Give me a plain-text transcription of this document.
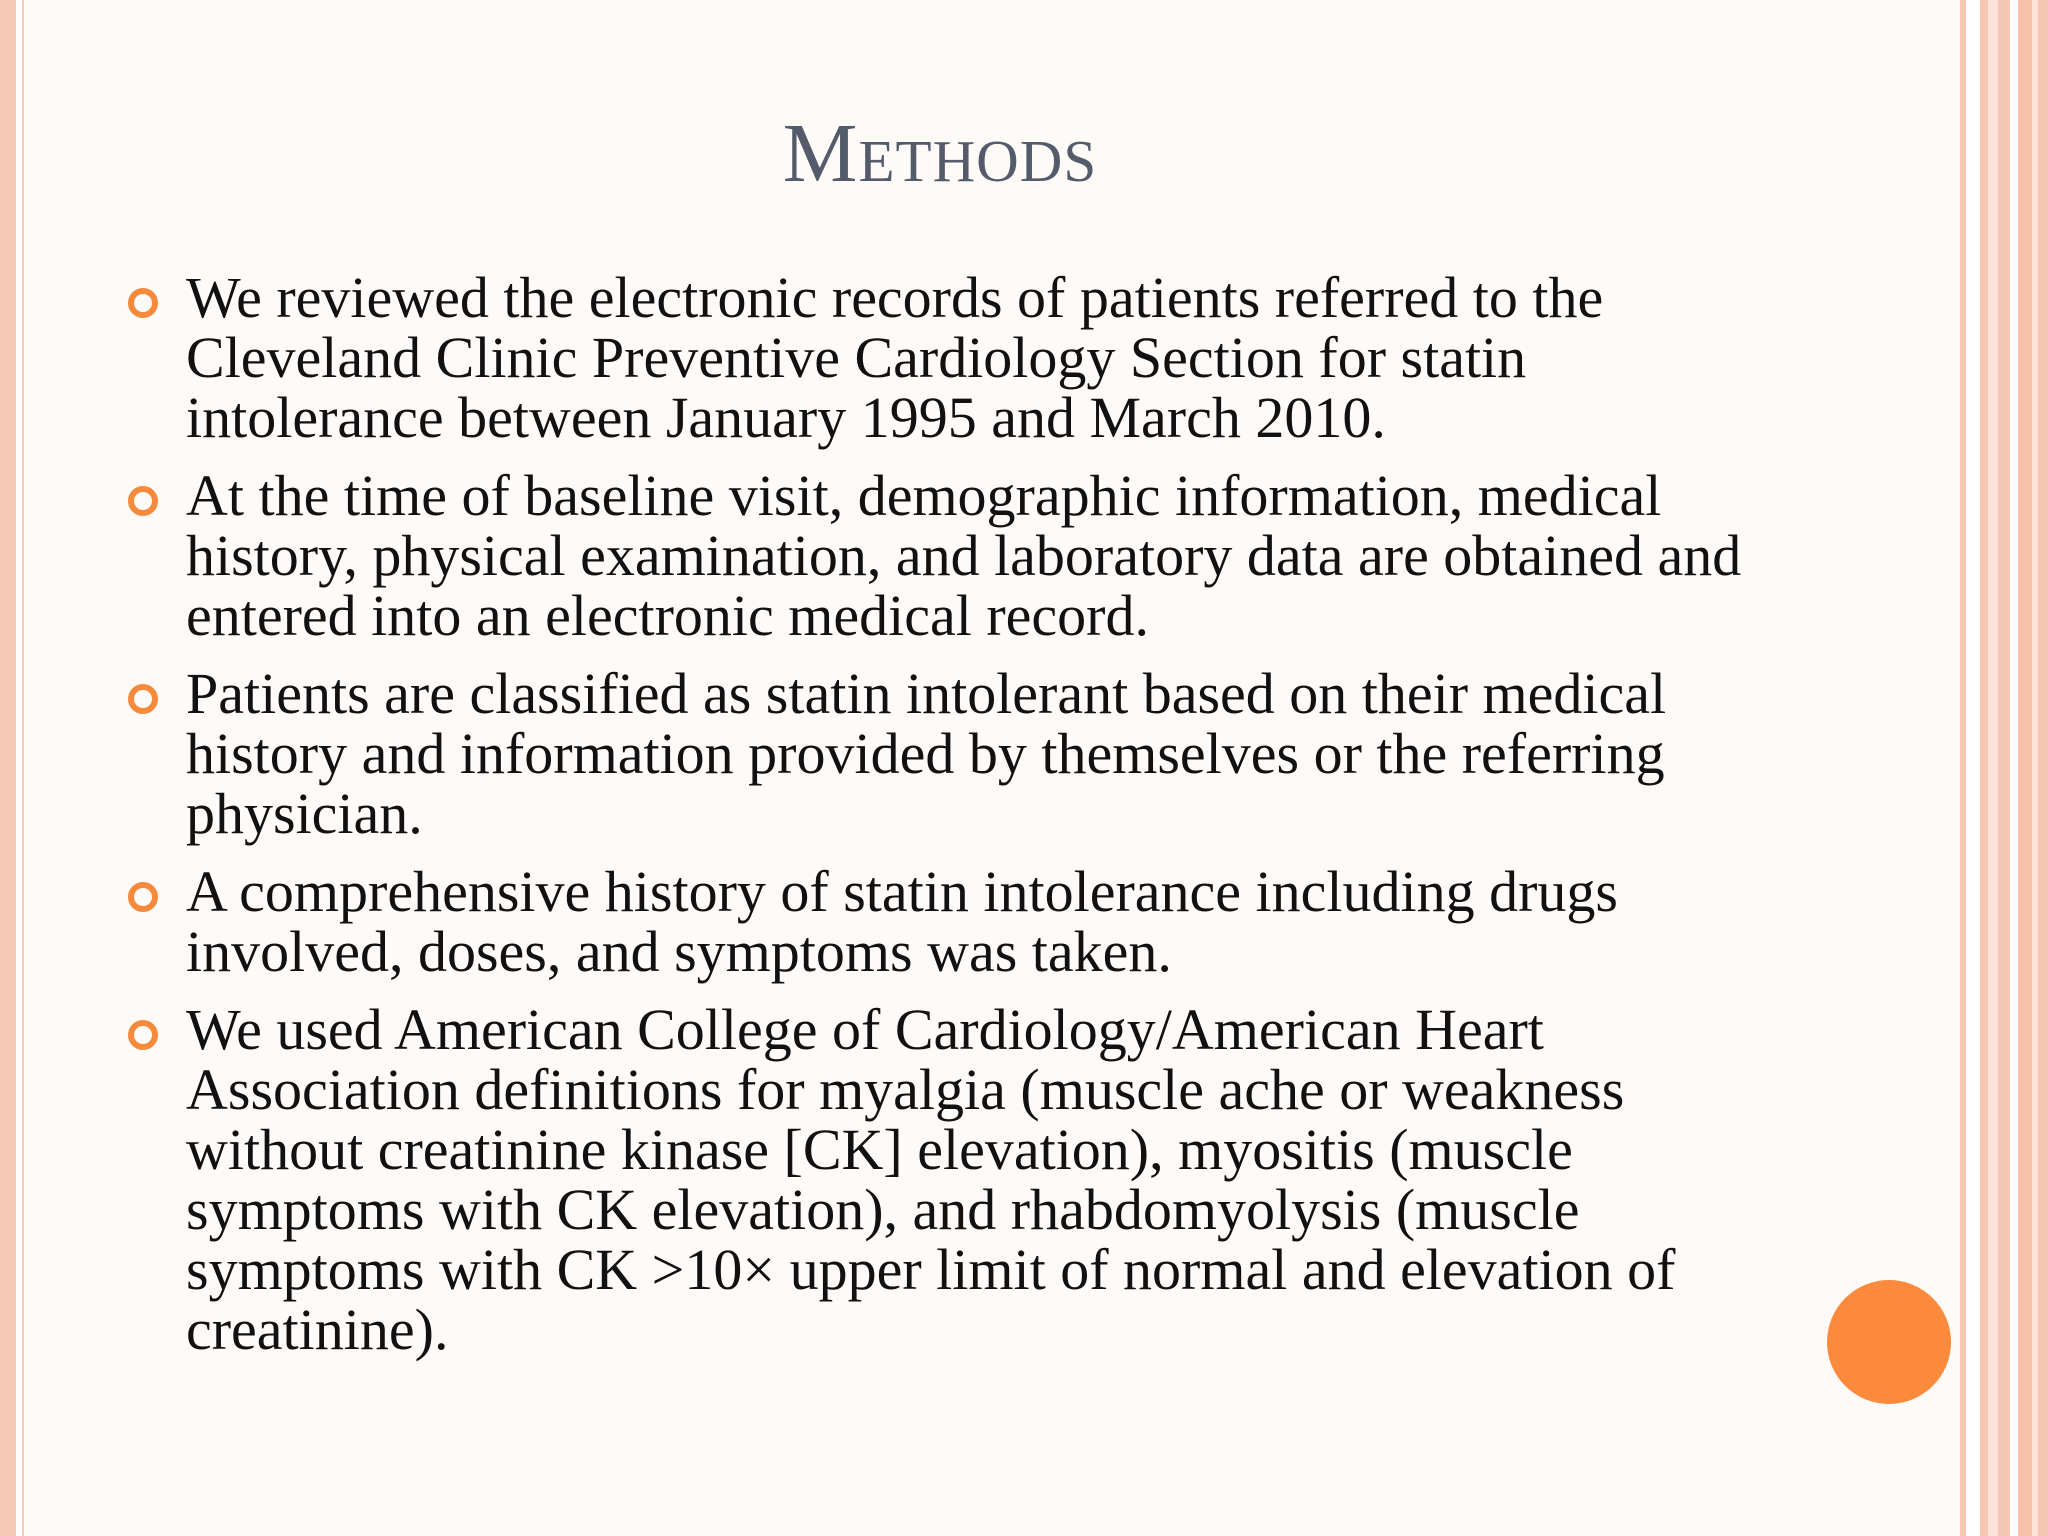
Methods
We reviewed the electronic records of patients referred to the Cleveland Clinic Preventive Cardiology Section for statin intolerance between January 1995 and March 2010.
At the time of baseline visit, demographic information, medical history, physical examination, and laboratory data are obtained and entered into an electronic medical record.
Patients are classified as statin intolerant based on their medical history and information provided by themselves or the referring physician.
A comprehensive history of statin intolerance including drugs involved, doses, and symptoms was taken.
We used American College of Cardiology/American Heart Association definitions for myalgia (muscle ache or weakness without creatinine kinase [CK] elevation), myositis (muscle symptoms with CK elevation), and rhabdomyolysis (muscle symptoms with CK >10× upper limit of normal and elevation of creatinine).
